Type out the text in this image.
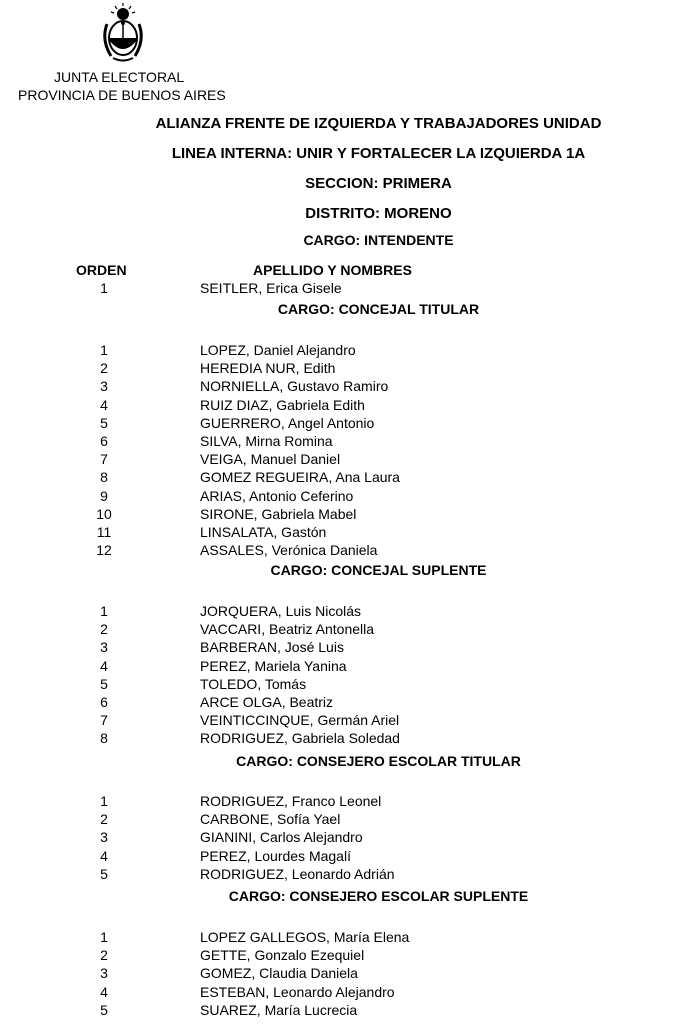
JUNTA ELECTORAL
PROVINCIA DE BUENOS AIRES
ALIANZA FRENTE DE IZQUIERDA Y TRABAJADORES UNIDAD
LINEA INTERNA: UNIR Y FORTALECER LA IZQUIERDA 1A
SECCION: PRIMERA
DISTRITO: MORENO
CARGO: INTENDENTE
ORDEN	APELLIDO Y NOMBRES
1	SEITLER, Erica Gisele
CARGO: CONCEJAL TITULAR
1	LOPEZ, Daniel Alejandro
2	HEREDIA NUR, Edith
3	NORNIELLA, Gustavo Ramiro
4	RUIZ DIAZ, Gabriela Edith
5	GUERRERO, Angel Antonio
6	SILVA, Mirna Romina
7	VEIGA, Manuel Daniel
8	GOMEZ REGUEIRA, Ana Laura
9	ARIAS, Antonio Ceferino
10	SIRONE, Gabriela Mabel
11	LINSALATA, Gastón
12	ASSALES, Verónica Daniela
CARGO: CONCEJAL SUPLENTE
1	JORQUERA, Luis Nicolás
2	VACCARI, Beatriz Antonella
3	BARBERAN, José Luis
4	PEREZ, Mariela Yanina
5	TOLEDO, Tomás
6	ARCE OLGA, Beatriz
7	VEINTICCINQUE, Germán Ariel
8	RODRIGUEZ, Gabriela Soledad
CARGO: CONSEJERO ESCOLAR TITULAR
1	RODRIGUEZ, Franco Leonel
2	CARBONE, Sofía Yael
3	GIANINI, Carlos Alejandro
4	PEREZ, Lourdes Magalí
5	RODRIGUEZ, Leonardo Adrián
CARGO: CONSEJERO ESCOLAR SUPLENTE
1	LOPEZ GALLEGOS, María Elena
2	GETTE, Gonzalo Ezequiel
3	GOMEZ, Claudia Daniela
4	ESTEBAN, Leonardo Alejandro
5	SUAREZ, María Lucrecia
